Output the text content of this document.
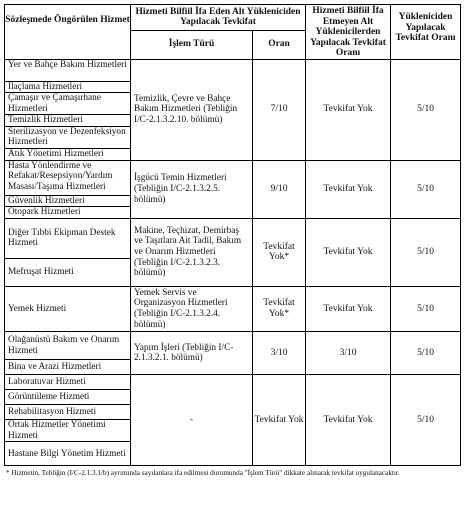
Sözleşmede Öngörülen Hizmet	Hizmeti Bilfiil İfa Eden Alt Yükleniciden Yapılacak Tevkifat		Hizmeti Bilfiil İfa Etmeyen Alt Yüklenicilerden Yapılacak Tevkifat Oranı	Yükleniciden Yapılacak Tevkifat Oranı
	İşlem Türü	Oran		
Yer ve Bahçe Bakım Hizmetleri	Temizlik, Çevre ve Bahçe Bakım Hizmetleri (Tebliğin I/C-2.1.3.2.10. bölümü)	7/10	Tevkifat Yok	5/10
İlaçlama Hizmetleri				
Çamaşır ve Çamaşırhane Hizmetleri				
Temizlik Hizmetleri				
Sterilizasyon ve Dezenfeksiyon Hizmetleri				
Atık Yönetimi Hizmetleri				
Hasta Yönlendirme ve Refakat/Resepsiyon/Yardım Masası/Taşıma Hizmetleri	İşgücü Temin Hizmetleri (Tebliğin I/C-2.1.3.2.5. bölümü)	9/10	Tevkifat Yok	5/10
Güvenlik Hizmetleri				
Otopark Hizmetleri				
Diğer Tıbbi Ekipman Destek Hizmeti	Makine, Teçhizat, Demirbaş ve Taşıtlara Ait Tadil, Bakım ve Onarım Hizmetleri (Tebliğin I/C-2.1.3.2.3. bölümü)	Tevkifat Yok*	Tevkifat Yok	5/10
Mefruşat Hizmeti				
Yemek Hizmeti	Yemek Servis ve Organizasyon Hizmetleri (Tebliğin I/C-2.1.3.2.4. bölümü)	Tevkifat Yok*	Tevkifat Yok	5/10
Olağanüstü Bakım ve Onarım Hizmeti	Yapım İşleri (Tebliğin I/C-2.1.3.2.1. bölümü)	3/10	3/10	5/10
Bina ve Arazi Hizmetleri				
Laboratuvar Hizmeti	-	Tevkifat Yok	Tevkifat Yok	5/10
Görüntüleme Hizmeti				
Rehabilitasyon Hizmeti				
Ortak Hizmetler Yönetimi Hizmeti				
Hastane Bilgi Yönetim Hizmeti				
* Hizmetin, Tebliğin (I/C-2.1.3.1/b) ayrımında sayılanlara ifa edilmesi durumunda "İşlem Türü" dikkate alınarak tevkifat uygulanacaktır.
